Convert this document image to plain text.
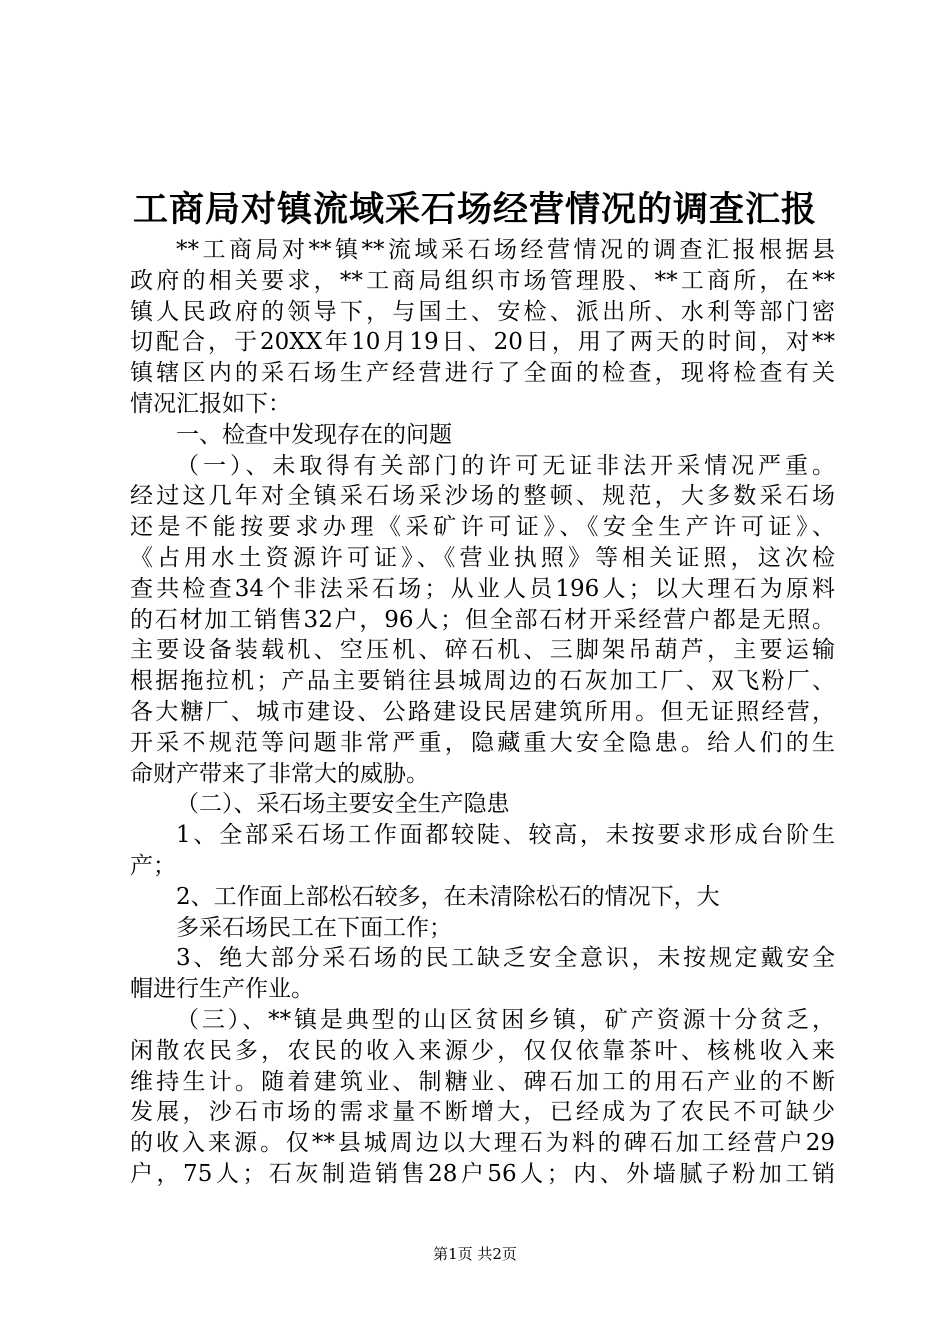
工商局对镇流域采石场经营情况的调查汇报
**工商局对**镇**流域采石场经营情况的调查汇报根据县
政府的相关要求，**工商局组织市场管理股、**工商所，在**
镇人民政府的领导下，与国土、安检、派出所、水利等部门密
切配合，于20XX年10月19日、20日，用了两天的时间，对**
镇辖区内的采石场生产经营进行了全面的检查，现将检查有关
情况汇报如下：
一、检查中发现存在的问题
（一）、未取得有关部门的许可无证非法开采情况严重。
经过这几年对全镇采石场采沙场的整顿、规范，大多数采石场
还是不能按要求办理《采矿许可证》、《安全生产许可证》、
《占用水土资源许可证》、《营业执照》等相关证照，这次检
查共检查34个非法采石场；从业人员196人；以大理石为原料
的石材加工销售32户，96人；但全部石材开采经营户都是无照。
主要设备装载机、空压机、碎石机、三脚架吊葫芦，主要运输
根据拖拉机；产品主要销往县城周边的石灰加工厂、双飞粉厂、
各大糖厂、城市建设、公路建设民居建筑所用。但无证照经营，
开采不规范等问题非常严重，隐藏重大安全隐患。给人们的生
命财产带来了非常大的威胁。
（二）、采石场主要安全生产隐患
1、全部采石场工作面都较陡、较高，未按要求形成台阶生
产；
2、工作面上部松石较多，在未清除松石的情况下，大
多采石场民工在下面工作；
3、绝大部分采石场的民工缺乏安全意识，未按规定戴安全
帽进行生产作业。
（三）、**镇是典型的山区贫困乡镇，矿产资源十分贫乏，
闲散农民多，农民的收入来源少，仅仅依靠茶叶、核桃收入来
维持生计。随着建筑业、制糖业、碑石加工的用石产业的不断
发展，沙石市场的需求量不断增大，已经成为了农民不可缺少
的收入来源。仅**县城周边以大理石为料的碑石加工经营户29
户，75人；石灰制造销售28户56人；内、外墙腻子粉加工销
第1页 共2页
